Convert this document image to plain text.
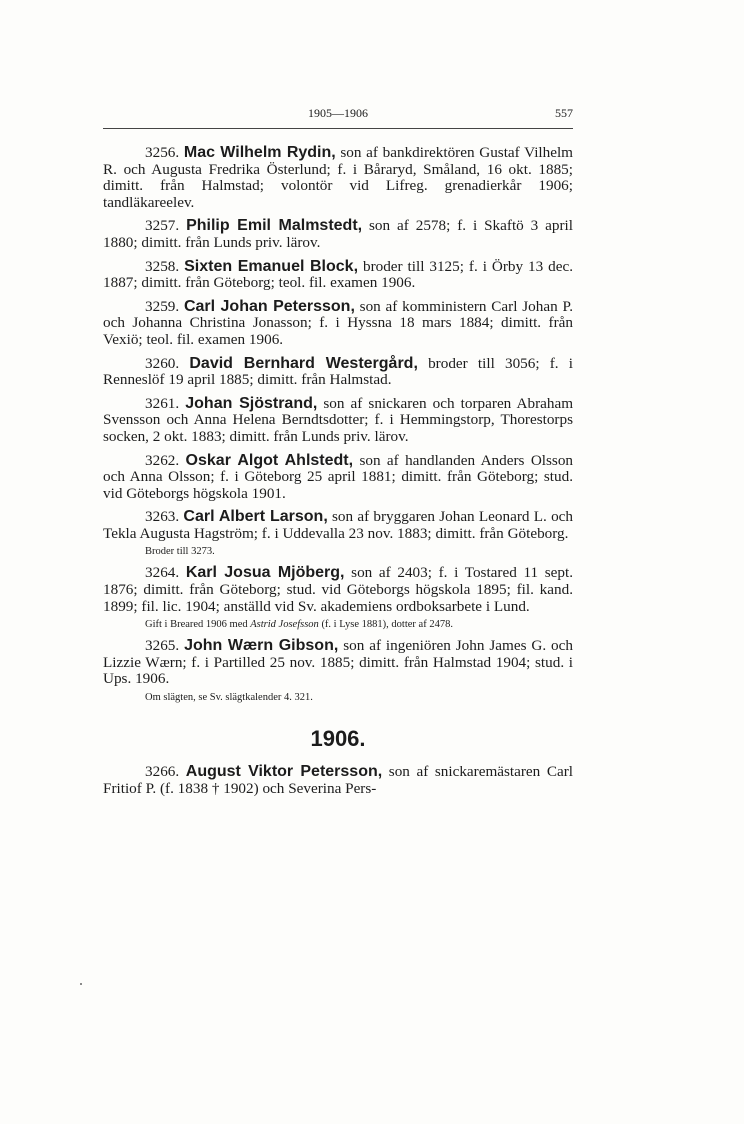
1905—1906	557

3256. Mac Wilhelm Rydin, son af bankdirektören Gustaf Vilhelm R. och Augusta Fredrika Österlund; f. i Båraryd, Småland, 16 okt. 1885; dimitt. från Halmstad; volontör vid Lifreg. grenadierkår 1906; tandläkareelev.

3257. Philip Emil Malmstedt, son af 2578; f. i Skaftö 3 april 1880; dimitt. från Lunds priv. lärov.

3258. Sixten Emanuel Block, broder till 3125; f. i Örby 13 dec. 1887; dimitt. från Göteborg; teol. fil. examen 1906.

3259. Carl Johan Petersson, son af komministern Carl Johan P. och Johanna Christina Jonasson; f. i Hyssna 18 mars 1884; dimitt. från Vexiö; teol. fil. examen 1906.

3260. David Bernhard Westergård, broder till 3056; f. i Renneslöf 19 april 1885; dimitt. från Halmstad.

3261. Johan Sjöstrand, son af snickaren och torparen Abraham Svensson och Anna Helena Berndtsdotter; f. i Hemmingstorp, Thorestorps socken, 2 okt. 1883; dimitt. från Lunds priv. lärov.

3262. Oskar Algot Ahlstedt, son af handlanden Anders Olsson och Anna Olsson; f. i Göteborg 25 april 1881; dimitt. från Göteborg; stud. vid Göteborgs högskola 1901.

3263. Carl Albert Larson, son af bryggaren Johan Leonard L. och Tekla Augusta Hagström; f. i Uddevalla 23 nov. 1883; dimitt. från Göteborg.

Broder till 3273.

3264. Karl Josua Mjöberg, son af 2403; f. i Tostared 11 sept. 1876; dimitt. från Göteborg; stud. vid Göteborgs högskola 1895; fil. kand. 1899; fil. lic. 1904; anställd vid Sv. akademiens ordboksarbete i Lund.

Gift i Breared 1906 med Astrid Josefsson (f. i Lyse 1881), dotter af 2478.

3265. John Wærn Gibson, son af ingeniören John James G. och Lizzie Wærn; f. i Partilled 25 nov. 1885; dimitt. från Halmstad 1904; stud. i Ups. 1906.

Om slägten, se Sv. slägtkalender 4. 321.

1906.

3266. August Viktor Petersson, son af snickaremästaren Carl Fritiof P. (f. 1838 † 1902) och Severina Pers-
